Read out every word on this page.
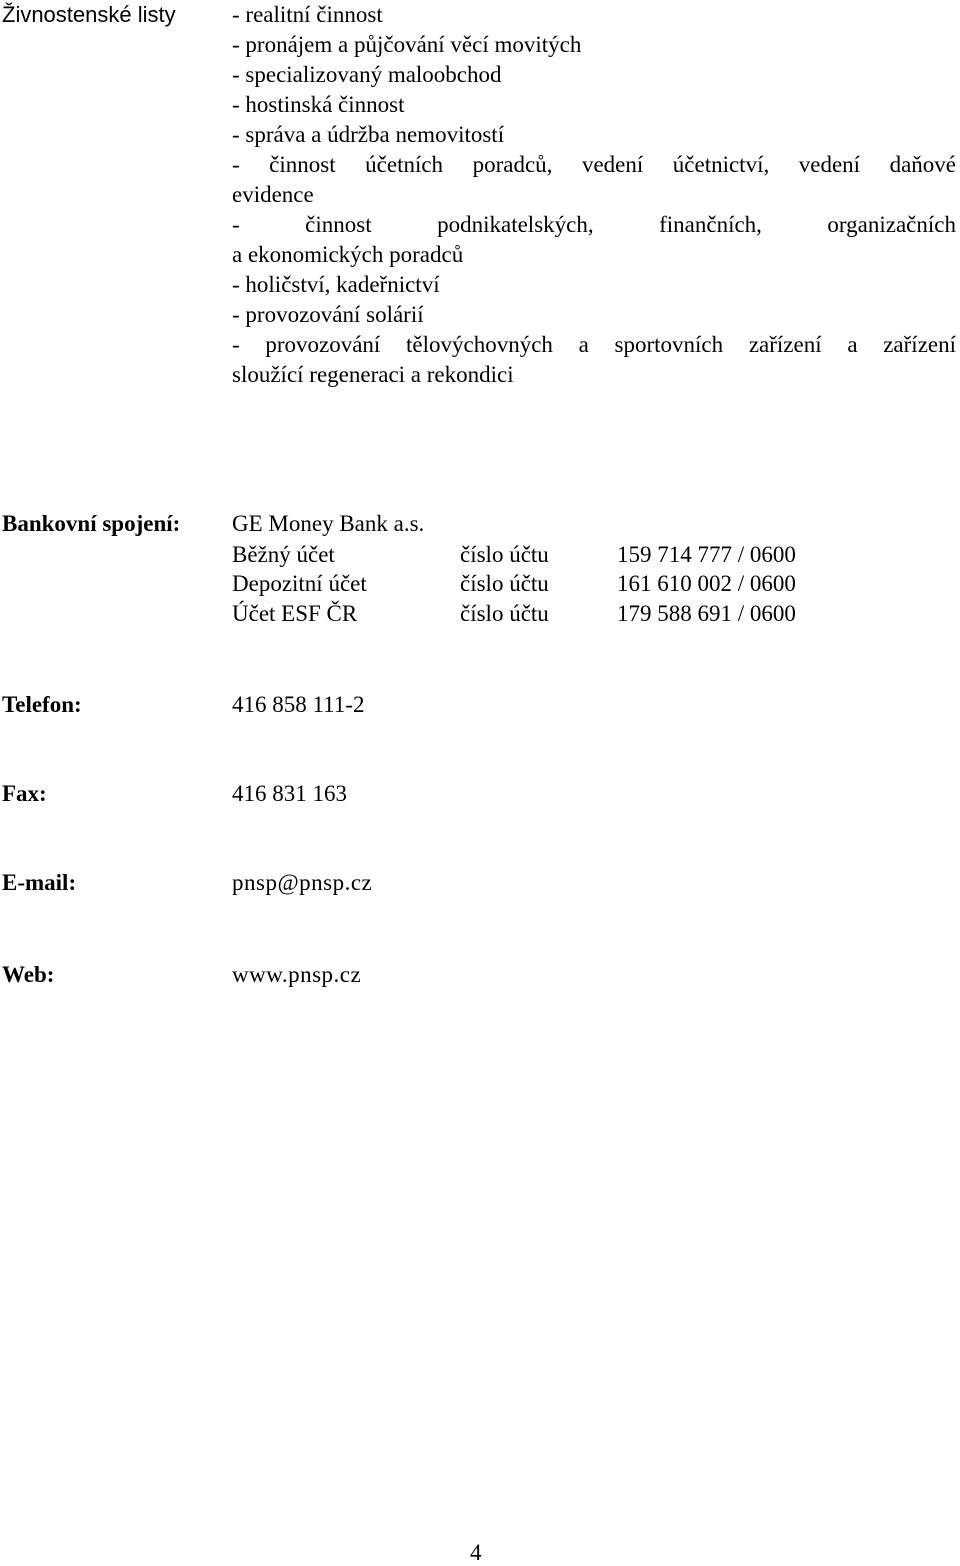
Živnostenské listy - realitní činnost
- pronájem a půjčování věcí movitých
- specializovaný maloobchod
- hostinská činnost
- správa a údržba nemovitostí
- činnost účetních poradců, vedení účetnictví, vedení daňové
evidence
- činnost podnikatelských, finančních, organizačních
a ekonomických poradců
- holičství, kadeřnictví
- provozování solárií
- provozování tělovýchovných a sportovních zařízení a zařízení
sloužící regeneraci a rekondici
Bankovní spojení: GE Money Bank a.s.
Běžný účet	číslo účtu	159 714 777 / 0600
Depozitní účet	číslo účtu	161 610 002 / 0600
Účet ESF ČR	číslo účtu	179 588 691 / 0600
Telefon:	416 858 111-2
Fax:	416 831 163
E-mail:	pnsp@pnsp.cz
Web:	www.pnsp.cz
4
